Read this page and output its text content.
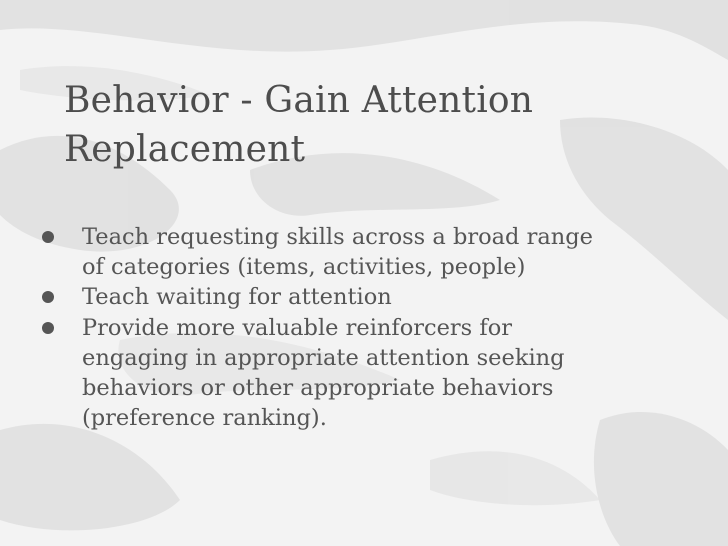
Behavior - Gain Attention
Replacement
Teach requesting skills across a broad range
of categories (items, activities, people)
Teach waiting for attention
Provide more valuable reinforcers for
engaging in appropriate attention seeking
behaviors or other appropriate behaviors
(preference ranking).
